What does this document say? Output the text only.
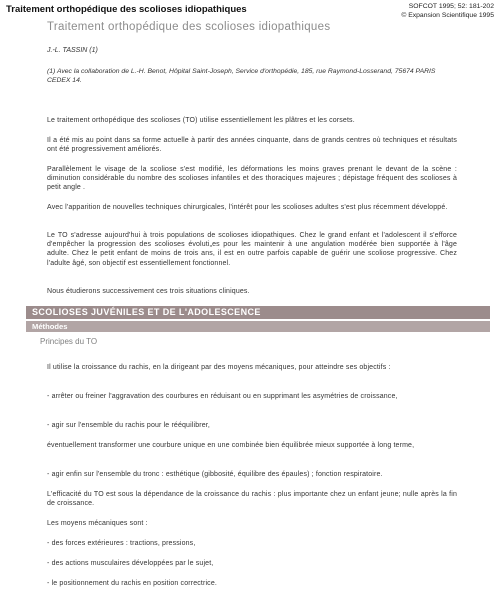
Traitement orthopédique des scolioses idiopathiques	SOFCOT 1995; 52: 181-202
© Expansion Scientifique 1995
Traitement orthopédique des scolioses idiopathiques
J.-L. TASSIN (1)
(1) Avec la collaboration de L.-H. Benot, Hôpital Saint-Joseph, Service d'orthopédie, 185, rue Raymond-Losserand, 75674 PARIS CEDEX 14.
Le traitement orthopédique des scolioses (TO) utilise essentiellement les plâtres et les corsets.
Il a été mis au point dans sa forme actuelle à partir des années cinquante, dans de grands centres où techniques et résultats ont été progressivement améliorés.
Parallèlement le visage de la scoliose s'est modifié, les déformations les moins graves prenant le devant de la scène : diminution considérable du nombre des scolioses infantiles et des thoraciques majeures ; dépistage fréquent des scolioses à petit angle .
Avec l'apparition de nouvelles techniques chirurgicales, l'intérêt pour les scolioses adultes s'est plus récemment développé.
Le TO s'adresse aujourd'hui à trois populations de scolioses idiopathiques. Chez le grand enfant et l'adolescent il s'efforce d'empêcher la progression des scolioses évoluti„es pour les maintenir à une angulation modérée bien supportée à l'âge adulte. Chez le petit enfant de moins de trois ans, il est en outre parfois capable de guérir une scoliose progressive. Chez l'adulte âgé, son objectif est essentiellement fonctionnel.
Nous étudierons successivement ces trois situations cliniques.
SCOLIOSES JUVÉNILES ET DE L'ADOLESCENCE
Méthodes
Principes du TO
Il utilise la croissance du rachis, en la dirigeant par des moyens mécaniques, pour atteindre ses objectifs :
- arrêter ou freiner l'aggravation des courbures en réduisant ou en supprimant les asymétries de croissance,
- agir sur l'ensemble du rachis pour le rééquilibrer,
éventuellement transformer une courbure unique en une combinée bien équilibrée mieux supportée à long terme,
- agir enfin sur l'ensemble du tronc : esthétique (gibbosité, équilibre des épaules) ; fonction respiratoire.
L'efficacité du TO est sous la dépendance de la croissance du rachis : plus importante chez un enfant jeune; nulle après la fin de croissance.
Les moyens mécaniques sont :
- des forces extérieures : tractions, pressions,
- des actions musculaires développées par le sujet,
- le positionnement du rachis en position correctrice.
